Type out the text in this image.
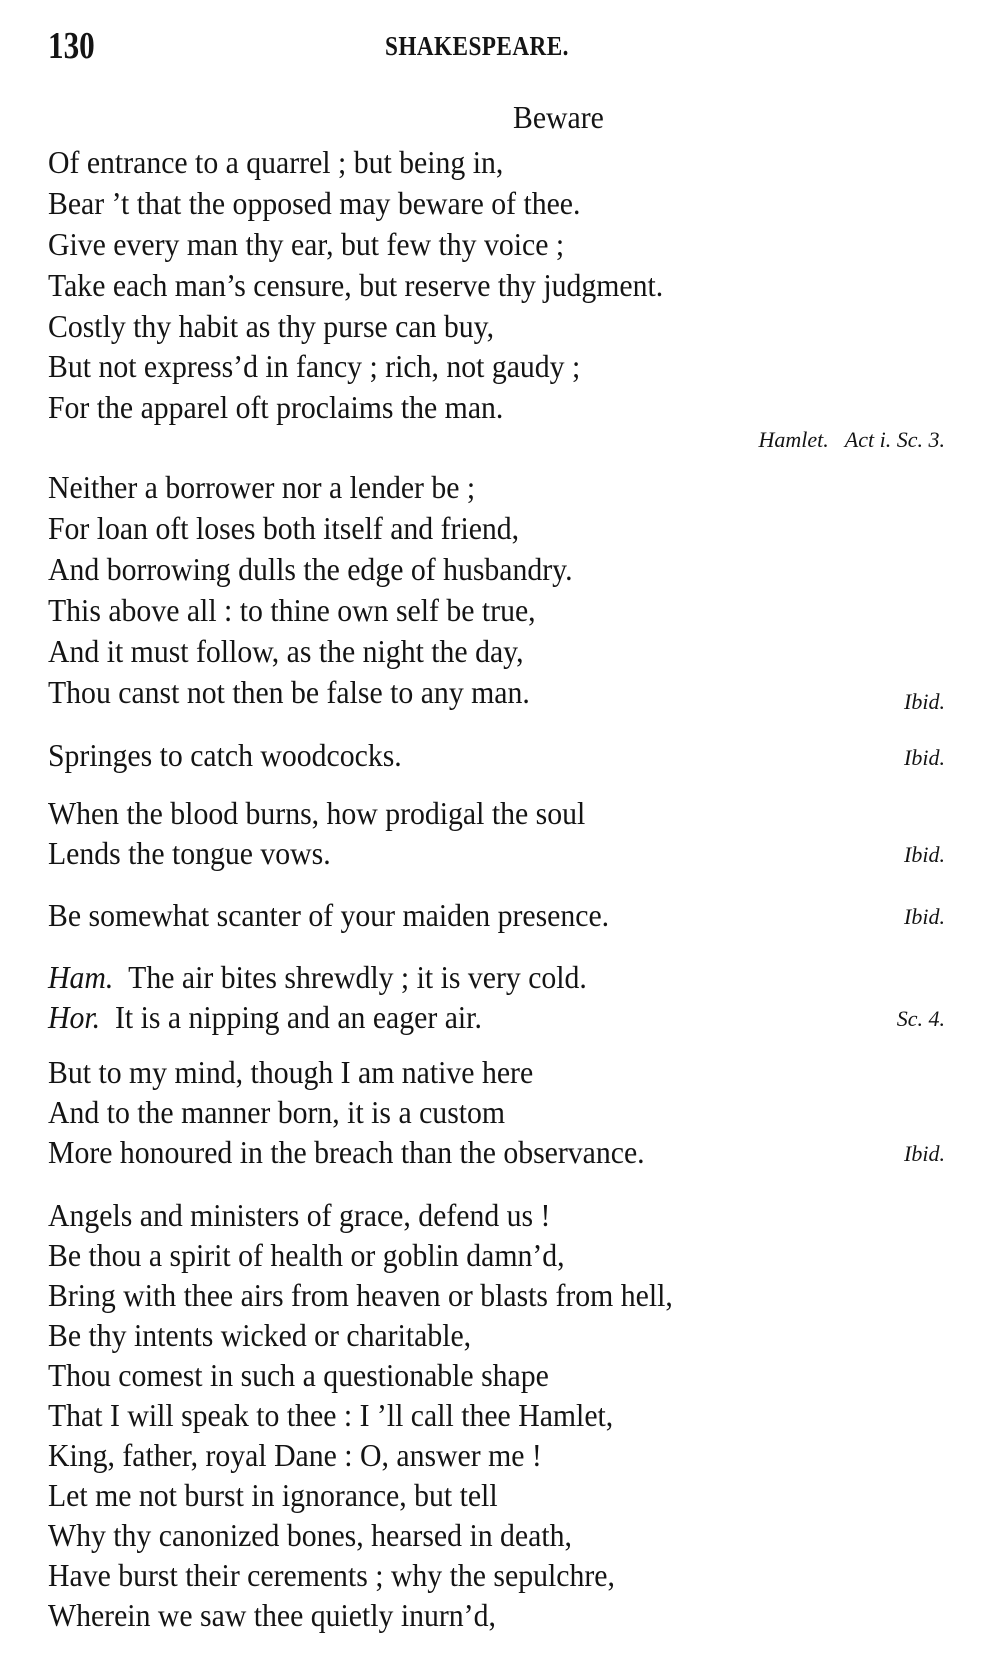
130	SHAKESPEARE.
Beware
Of entrance to a quarrel ; but being in,
Bear ’t that the opposed may beware of thee.
Give every man thy ear, but few thy voice ;
Take each man’s censure, but reserve thy judgment.
Costly thy habit as thy purse can buy,
But not express’d in fancy ; rich, not gaudy ;
For the apparel oft proclaims the man.
Hamlet. Act i. Sc. 3.
Neither a borrower nor a lender be ;
For loan oft loses both itself and friend,
And borrowing dulls the edge of husbandry.
This above all : to thine own self be true,
And it must follow, as the night the day,
Thou canst not then be false to any man.	Ibid.
Springes to catch woodcocks.	Ibid.
When the blood burns, how prodigal the soul
Lends the tongue vows.	Ibid.
Be somewhat scanter of your maiden presence.	Ibid.
Ham. The air bites shrewdly ; it is very cold.
Hor. It is a nipping and an eager air.	Sc. 4.
But to my mind, though I am native here
And to the manner born, it is a custom
More honoured in the breach than the observance.	Ibid.
Angels and ministers of grace, defend us !
Be thou a spirit of health or goblin damn’d,
Bring with thee airs from heaven or blasts from hell,
Be thy intents wicked or charitable,
Thou comest in such a questionable shape
That I will speak to thee : I ’ll call thee Hamlet,
King, father, royal Dane : O, answer me !
Let me not burst in ignorance, but tell
Why thy canonized bones, hearsed in death,
Have burst their cerements ; why the sepulchre,
Wherein we saw thee quietly inurn’d,
